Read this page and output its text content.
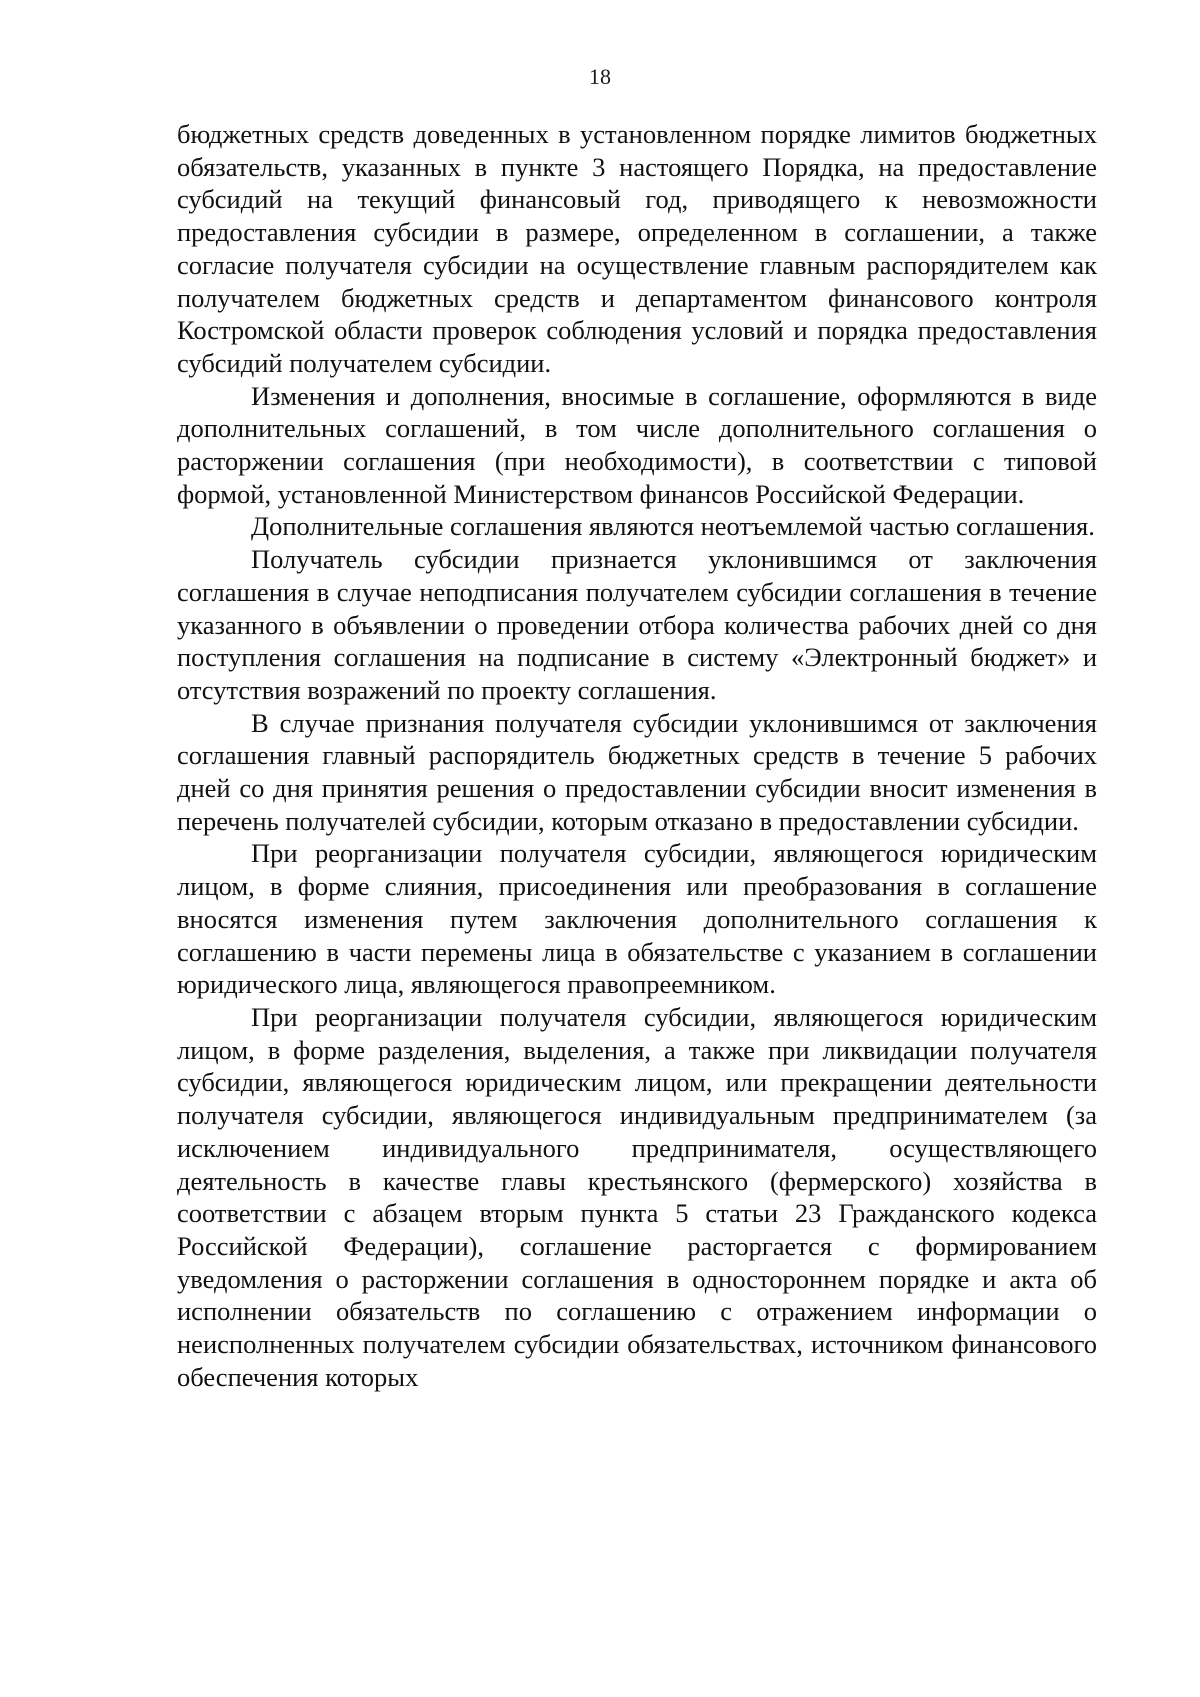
18

бюджетных средств доведенных в установленном порядке лимитов бюджетных обязательств, указанных в пункте 3 настоящего Порядка, на предоставление субсидий на текущий финансовый год, приводящего к невозможности предоставления субсидии в размере, определенном в соглашении, а также согласие получателя субсидии на осуществление главным распорядителем как получателем бюджетных средств и департаментом финансового контроля Костромской области проверок соблюдения условий и порядка предоставления субсидий получателем субсидии.

Изменения и дополнения, вносимые в соглашение, оформляются в виде дополнительных соглашений, в том числе дополнительного соглашения о расторжении соглашения (при необходимости), в соответствии с типовой формой, установленной Министерством финансов Российской Федерации.

Дополнительные соглашения являются неотъемлемой частью соглашения.

Получатель субсидии признается уклонившимся от заключения соглашения в случае неподписания получателем субсидии соглашения в течение указанного в объявлении о проведении отбора количества рабочих дней со дня поступления соглашения на подписание в систему «Электронный бюджет» и отсутствия возражений по проекту соглашения.

В случае признания получателя субсидии уклонившимся от заключения соглашения главный распорядитель бюджетных средств в течение 5 рабочих дней со дня принятия решения о предоставлении субсидии вносит изменения в перечень получателей субсидии, которым отказано в предоставлении субсидии.

При реорганизации получателя субсидии, являющегося юридическим лицом, в форме слияния, присоединения или преобразования в соглашение вносятся изменения путем заключения дополнительного соглашения к соглашению в части перемены лица в обязательстве с указанием в соглашении юридического лица, являющегося правопреемником.

При реорганизации получателя субсидии, являющегося юридическим лицом, в форме разделения, выделения, а также при ликвидации получателя субсидии, являющегося юридическим лицом, или прекращении деятельности получателя субсидии, являющегося индивидуальным предпринимателем (за исключением индивидуального предпринимателя, осуществляющего деятельность в качестве главы крестьянского (фермерского) хозяйства в соответствии с абзацем вторым пункта 5 статьи 23 Гражданского кодекса Российской Федерации), соглашение расторгается с формированием уведомления о расторжении соглашения в одностороннем порядке и акта об исполнении обязательств по соглашению с отражением информации о неисполненных получателем субсидии обязательствах, источником финансового обеспечения которых
